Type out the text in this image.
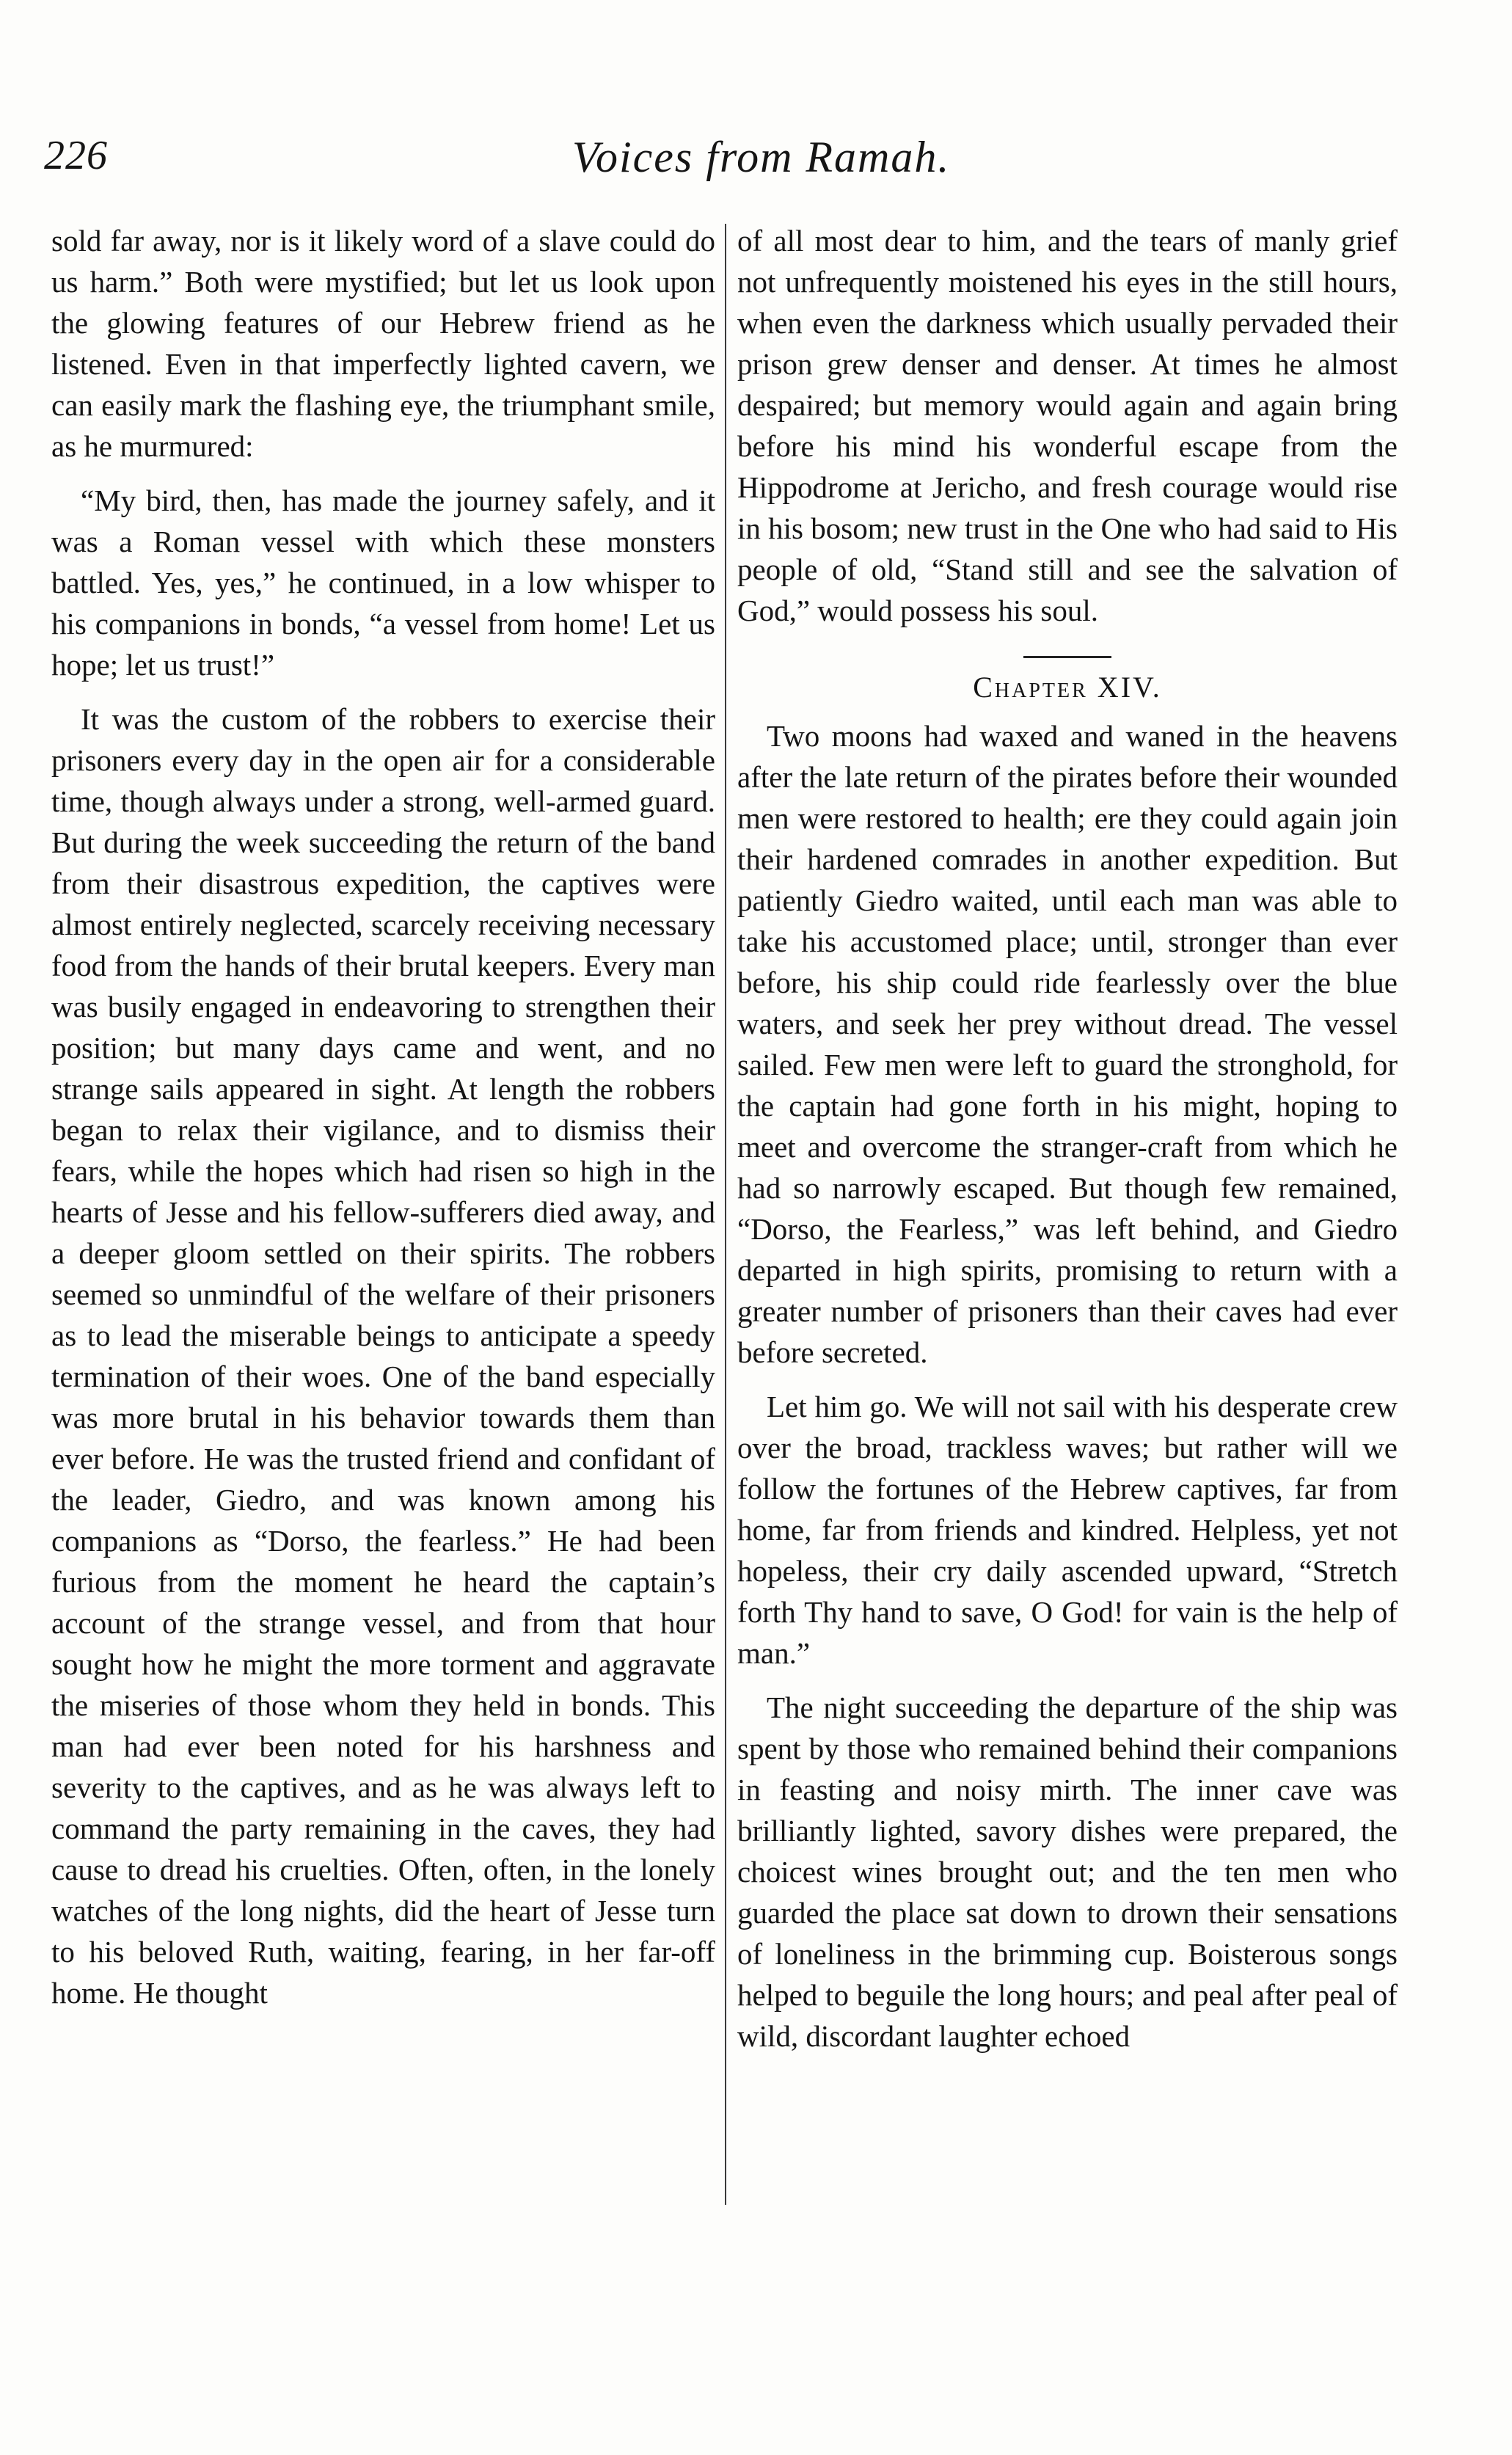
226	Voices from Ramah.

sold far away, nor is it likely word of a slave could do us harm.” Both were mystified; but let us look upon the glowing features of our Hebrew friend as he listened. Even in that imperfectly lighted cavern, we can easily mark the flashing eye, the triumphant smile, as he murmured:

“My bird, then, has made the journey safely, and it was a Roman vessel with which these monsters battled. Yes, yes,” he continued, in a low whisper to his companions in bonds, “a vessel from home! Let us hope; let us trust!”

It was the custom of the robbers to exercise their prisoners every day in the open air for a considerable time, though always under a strong, well-armed guard. But during the week succeeding the return of the band from their disastrous expedition, the captives were almost entirely neglected, scarcely receiving necessary food from the hands of their brutal keepers. Every man was busily engaged in endeavoring to strengthen their position; but many days came and went, and no strange sails appeared in sight. At length the robbers began to relax their vigilance, and to dismiss their fears, while the hopes which had risen so high in the hearts of Jesse and his fellow-sufferers died away, and a deeper gloom settled on their spirits. The robbers seemed so unmindful of the welfare of their prisoners as to lead the miserable beings to anticipate a speedy termination of their woes. One of the band especially was more brutal in his behavior towards them than ever before. He was the trusted friend and confidant of the leader, Giedro, and was known among his companions as “Dorso, the fearless.” He had been furious from the moment he heard the captain’s account of the strange vessel, and from that hour sought how he might the more torment and aggravate the miseries of those whom they held in bonds. This man had ever been noted for his harshness and severity to the captives, and as he was always left to command the party remaining in the caves, they had cause to dread his cruelties. Often, often, in the lonely watches of the long nights, did the heart of Jesse turn to his beloved Ruth, waiting, fearing, in her far-off home. He thought

of all most dear to him, and the tears of manly grief not unfrequently moistened his eyes in the still hours, when even the darkness which usually pervaded their prison grew denser and denser. At times he almost despaired; but memory would again and again bring before his mind his wonderful escape from the Hippodrome at Jericho, and fresh courage would rise in his bosom; new trust in the One who had said to His people of old, “Stand still and see the salvation of God,” would possess his soul.

Chapter XIV.

Two moons had waxed and waned in the heavens after the late return of the pirates before their wounded men were restored to health; ere they could again join their hardened comrades in another expedition. But patiently Giedro waited, until each man was able to take his accustomed place; until, stronger than ever before, his ship could ride fearlessly over the blue waters, and seek her prey without dread. The vessel sailed. Few men were left to guard the stronghold, for the captain had gone forth in his might, hoping to meet and overcome the stranger-craft from which he had so narrowly escaped. But though few remained, “Dorso, the Fearless,” was left behind, and Giedro departed in high spirits, promising to return with a greater number of prisoners than their caves had ever before secreted.

Let him go. We will not sail with his desperate crew over the broad, trackless waves; but rather will we follow the fortunes of the Hebrew captives, far from home, far from friends and kindred. Helpless, yet not hopeless, their cry daily ascended upward, “Stretch forth Thy hand to save, O God! for vain is the help of man.”

The night succeeding the departure of the ship was spent by those who remained behind their companions in feasting and noisy mirth. The inner cave was brilliantly lighted, savory dishes were prepared, the choicest wines brought out; and the ten men who guarded the place sat down to drown their sensations of loneliness in the brimming cup. Boisterous songs helped to beguile the long hours; and peal after peal of wild, discordant laughter echoed
